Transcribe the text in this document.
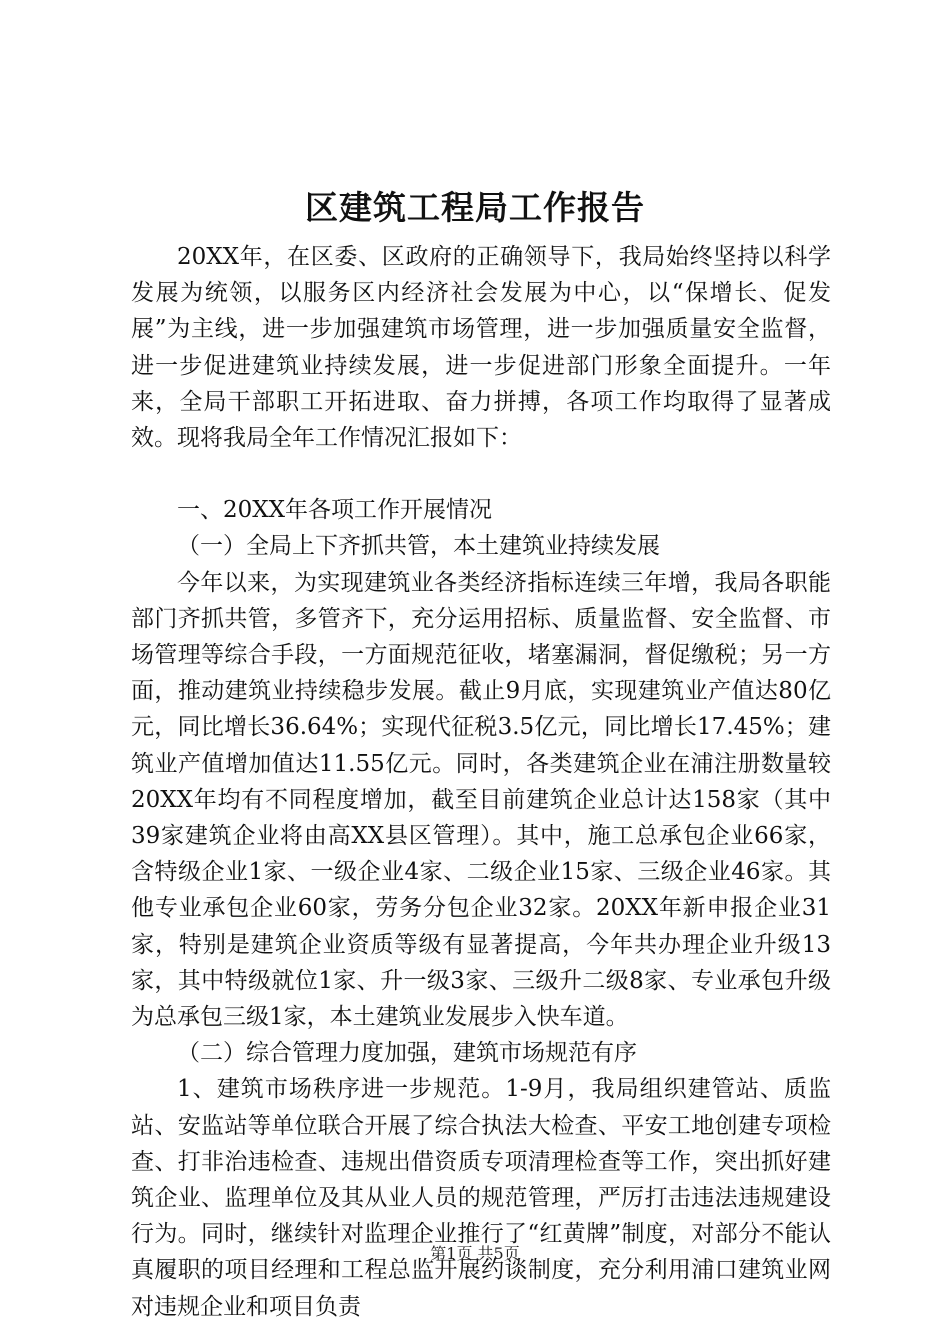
区建筑工程局工作报告

20XX年，在区委、区政府的正确领导下，我局始终坚持以科学发展为统领，以服务区内经济社会发展为中心，以“保增长、促发展”为主线，进一步加强建筑市场管理，进一步加强质量安全监督，进一步促进建筑业持续发展，进一步促进部门形象全面提升。一年来，全局干部职工开拓进取、奋力拼搏，各项工作均取得了显著成效。现将我局全年工作情况汇报如下：

一、20XX年各项工作开展情况

（一）全局上下齐抓共管，本土建筑业持续发展

今年以来，为实现建筑业各类经济指标连续三年增，我局各职能部门齐抓共管，多管齐下，充分运用招标、质量监督、安全监督、市场管理等综合手段，一方面规范征收，堵塞漏洞，督促缴税；另一方面，推动建筑业持续稳步发展。截止9月底，实现建筑业产值达80亿元，同比增长36.64%；实现代征税3.5亿元，同比增长17.45%；建筑业产值增加值达11.55亿元。同时，各类建筑企业在浦注册数量较20XX年均有不同程度增加，截至目前建筑企业总计达158家（其中39家建筑企业将由高XX县区管理）。其中，施工总承包企业66家，含特级企业1家、一级企业4家、二级企业15家、三级企业46家。其他专业承包企业60家，劳务分包企业32家。20XX年新申报企业31家，特别是建筑企业资质等级有显著提高，今年共办理企业升级13家，其中特级就位1家、升一级3家、三级升二级8家、专业承包升级为总承包三级1家，本土建筑业发展步入快车道。

（二）综合管理力度加强，建筑市场规范有序

1、建筑市场秩序进一步规范。1-9月，我局组织建管站、质监站、安监站等单位联合开展了综合执法大检查、平安工地创建专项检查、打非治违检查、违规出借资质专项清理检查等工作，突出抓好建筑企业、监理单位及其从业人员的规范管理，严厉打击违法违规建设行为。同时，继续针对监理企业推行了“红黄牌”制度，对部分不能认真履职的项目经理和工程总监开展约谈制度，充分利用浦口建筑业网对违规企业和项目负责

第1页 共5页
